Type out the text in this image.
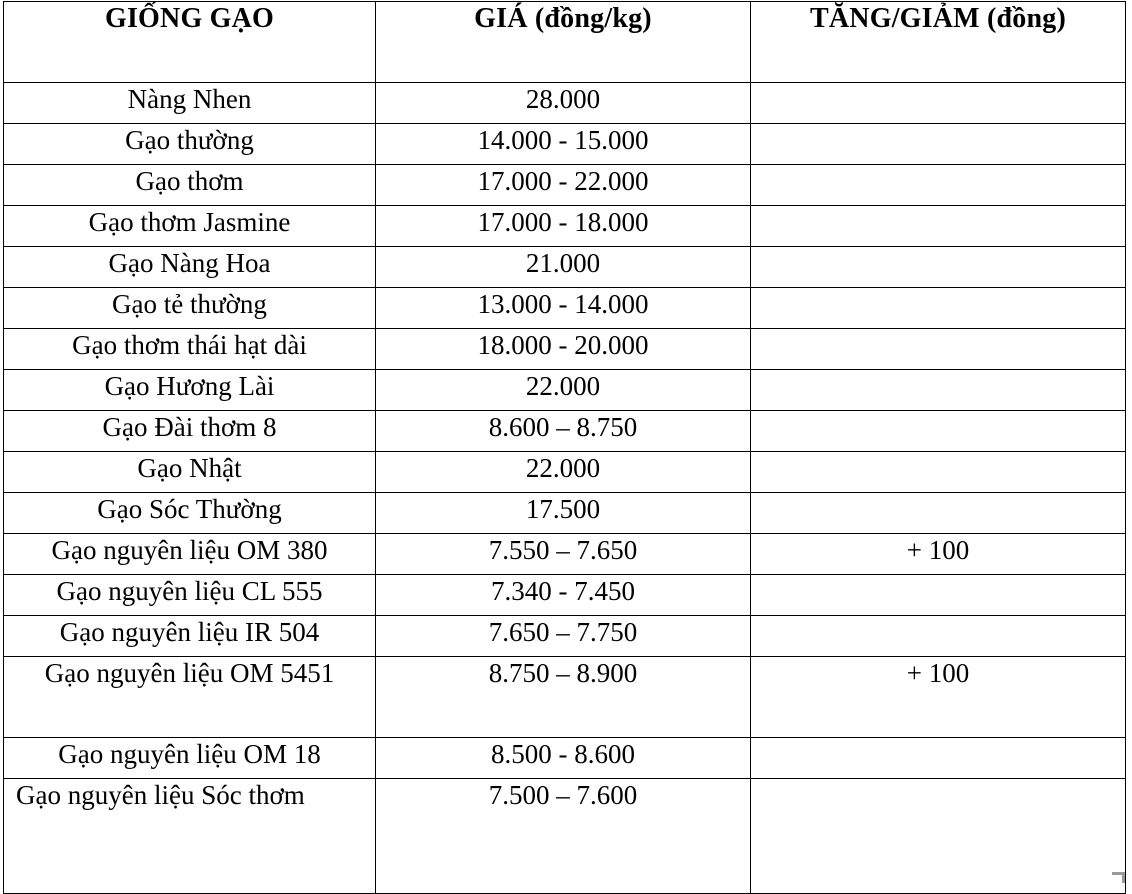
GIỐNG GẠO	GIÁ (đồng/kg)	TĂNG/GIẢM (đồng)
Nàng Nhen	28.000	
Gạo thường	14.000 - 15.000	
Gạo thơm	17.000 - 22.000	
Gạo thơm Jasmine	17.000 - 18.000	
Gạo Nàng Hoa	21.000	
Gạo tẻ thường	13.000 - 14.000	
Gạo thơm thái hạt dài	18.000 - 20.000	
Gạo Hương Lài	22.000	
Gạo Đài thơm 8	8.600 – 8.750	
Gạo Nhật	22.000	
Gạo Sóc Thường	17.500	
Gạo nguyên liệu OM 380	7.550 – 7.650	+ 100
Gạo nguyên liệu CL 555	7.340 - 7.450	
Gạo nguyên liệu IR 504	7.650 – 7.750	
Gạo nguyên liệu OM 5451	8.750 – 8.900	+ 100
Gạo nguyên liệu OM 18	8.500 - 8.600	
Gạo nguyên liệu Sóc thơm	7.500 – 7.600	
